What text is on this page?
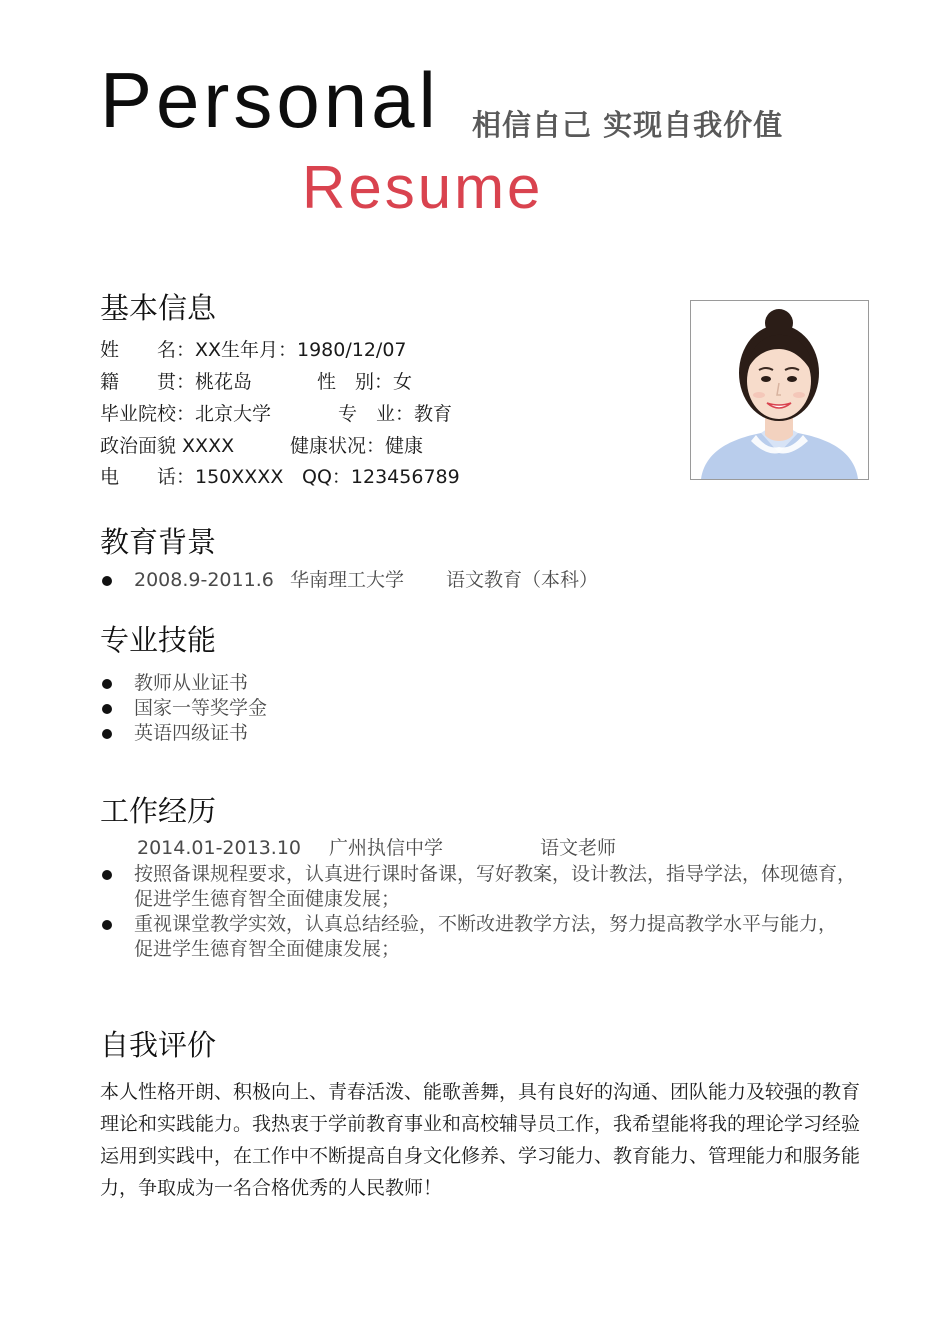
Personal 相信自己 实现自我价值
Resume
基本信息
姓　　名：XX 生年月：1980/12/07
籍　　贯：桃花岛	性　别：女
毕业院校：北京大学	专　业：教育
政治面貌 XXXX	健康状况：健康
电　　话：150XXXX QQ：123456789
教育背景
2008.9-2011.6 华南理工大学 语文教育（本科）
专业技能
教师从业证书
国家一等奖学金
英语四级证书
工作经历
2014.01-2013.10 广州执信中学	语文老师
按照备课规程要求，认真进行课时备课，写好教案，设计教法，指导学法，体现德育，
促进学生德育智全面健康发展；
重视课堂教学实效，认真总结经验，不断改进教学方法，努力提高教学水平与能力，
促进学生德育智全面健康发展；
自我评价
本人性格开朗、积极向上、青春活泼、能歌善舞，具有良好的沟通、团队能力及较强的教育
理论和实践能力。我热衷于学前教育事业和高校辅导员工作，我希望能将我的理论学习经验
运用到实践中，在工作中不断提高自身文化修养、学习能力、教育能力、管理能力和服务能
力，争取成为一名合格优秀的人民教师！
